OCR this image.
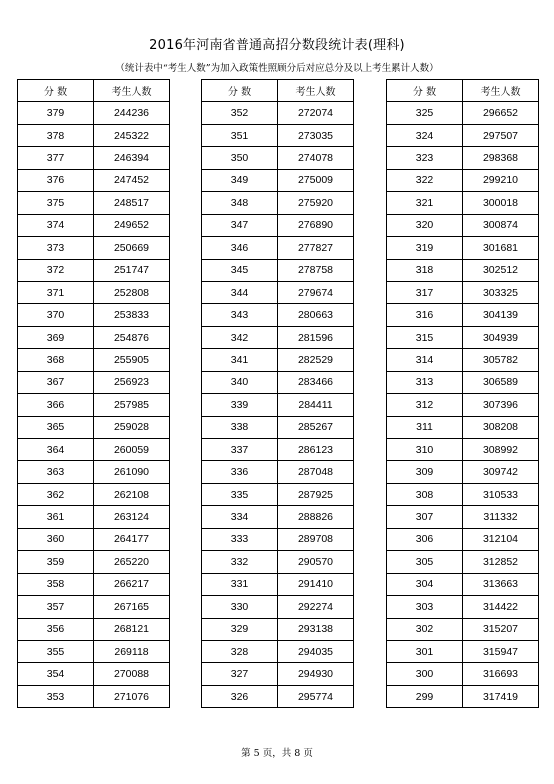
2016年河南省普通高招分数段统计表(理科)
（统计表中“考生人数”为加入政策性照顾分后对应总分及以上考生累计人数）
分 数	考生人数
379	244236
378	245322
377	246394
376	247452
375	248517
374	249652
373	250669
372	251747
371	252808
370	253833
369	254876
368	255905
367	256923
366	257985
365	259028
364	260059
363	261090
362	262108
361	263124
360	264177
359	265220
358	266217
357	267165
356	268121
355	269118
354	270088
353	271076
分 数	考生人数
352	272074
351	273035
350	274078
349	275009
348	275920
347	276890
346	277827
345	278758
344	279674
343	280663
342	281596
341	282529
340	283466
339	284411
338	285267
337	286123
336	287048
335	287925
334	288826
333	289708
332	290570
331	291410
330	292274
329	293138
328	294035
327	294930
326	295774
分 数	考生人数
325	296652
324	297507
323	298368
322	299210
321	300018
320	300874
319	301681
318	302512
317	303325
316	304139
315	304939
314	305782
313	306589
312	307396
311	308208
310	308992
309	309742
308	310533
307	311332
306	312104
305	312852
304	313663
303	314422
302	315207
301	315947
300	316693
299	317419
第 5 页，共 8 页
